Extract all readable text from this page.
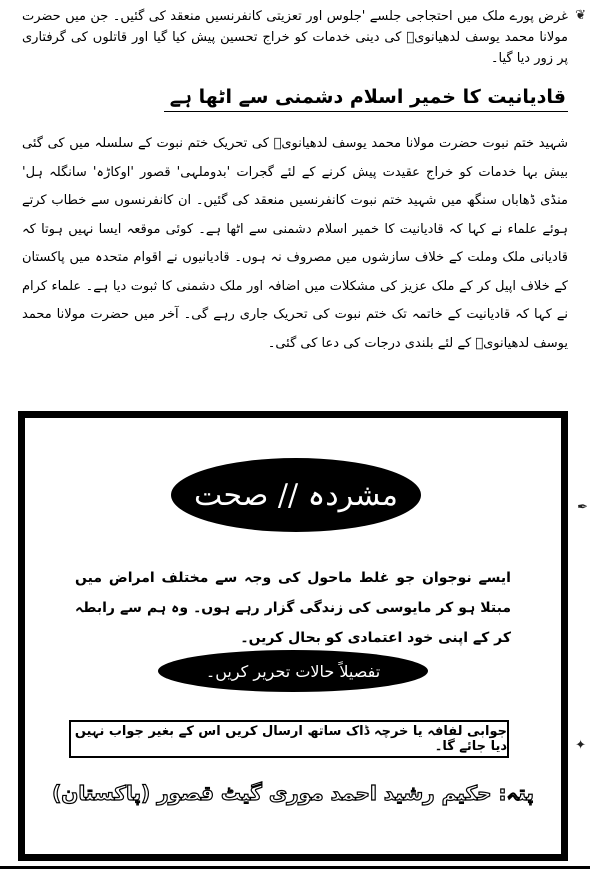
❦
غرض پورے ملک میں احتجاجی جلسے 'جلوس اور تعزیتی کانفرنسیں منعقد کی گئیں۔ جن میں حضرت مولانا محمد یوسف لدھیانویؒ کی دینی خدمات کو خراج تحسین پیش کیا گیا اور قاتلوں کی گرفتاری پر زور دیا گیا۔
قادیانیت کا خمیر اسلام دشمنی سے اٹھا ہے
شہید ختم نبوت حضرت مولانا محمد یوسف لدھیانویؒ کی تحریک ختم نبوت کے سلسلہ میں کی گئی بیش بہا خدمات کو خراج عقیدت پیش کرنے کے لئے گجرات 'بدوملہی' قصور 'اوکاڑہ' سانگلہ ہل' منڈی ڈھاباں سنگھ میں شہید ختم نبوت کانفرنسیں منعقد کی گئیں۔ ان کانفرنسوں سے خطاب کرتے ہوئے علماء نے کہا کہ قادیانیت کا خمیر اسلام دشمنی سے اٹھا ہے۔ کوئی موقعہ ایسا نہیں ہوتا کہ قادیانی ملک وملت کے خلاف سازشوں میں مصروف نہ ہوں۔ قادیانیوں نے اقوام متحدہ میں پاکستان کے خلاف اپیل کر کے ملک عزیز کی مشکلات میں اضافہ اور ملک دشمنی کا ثبوت دیا ہے۔ علماء کرام نے کہا کہ قادیانیت کے خاتمہ تک ختم نبوت کی تحریک جاری رہے گی۔ آخر میں حضرت مولانا محمد یوسف لدھیانویؒ کے لئے بلندی درجات کی دعا کی گئی۔
✒
✦
مشردہ // صحت
ایسے نوجوان جو غلط ماحول کی وجہ سے مختلف امراض میں مبتلا ہو کر مایوسی کی زندگی گزار رہے ہوں۔ وہ ہم سے رابطہ کر کے اپنی خود اعتمادی کو بحال کریں۔
تفصیلاً حالات تحریر کریں۔
جوابی لفافہ یا خرچہ ڈاک ساتھ ارسال کریں اس کے بغیر جواب نہیں دیا جائے گا۔
پتہ: حکیم رشید احمد موری گیٹ قصور (پاکستان)
